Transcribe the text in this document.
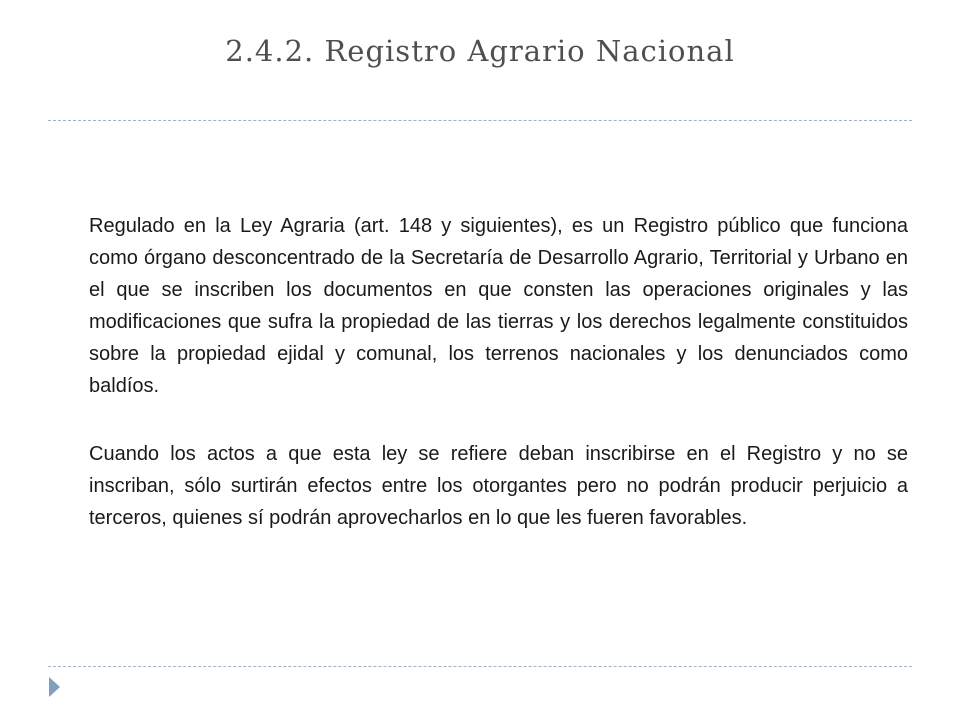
2.4.2. Registro Agrario Nacional

Regulado en la Ley Agraria (art. 148 y siguientes), es un Registro público que funciona como órgano desconcentrado de la Secretaría de Desarrollo Agrario, Territorial y Urbano en el que se inscriben los documentos en que consten las operaciones originales y las modificaciones que sufra la propiedad de las tierras y los derechos legalmente constituidos sobre la propiedad ejidal y comunal, los terrenos nacionales y los denunciados como baldíos.

Cuando los actos a que esta ley se refiere deban inscribirse en el Registro y no se inscriban, sólo surtirán efectos entre los otorgantes pero no podrán producir perjuicio a terceros, quienes sí podrán aprovecharlos en lo que les fueren favorables.
